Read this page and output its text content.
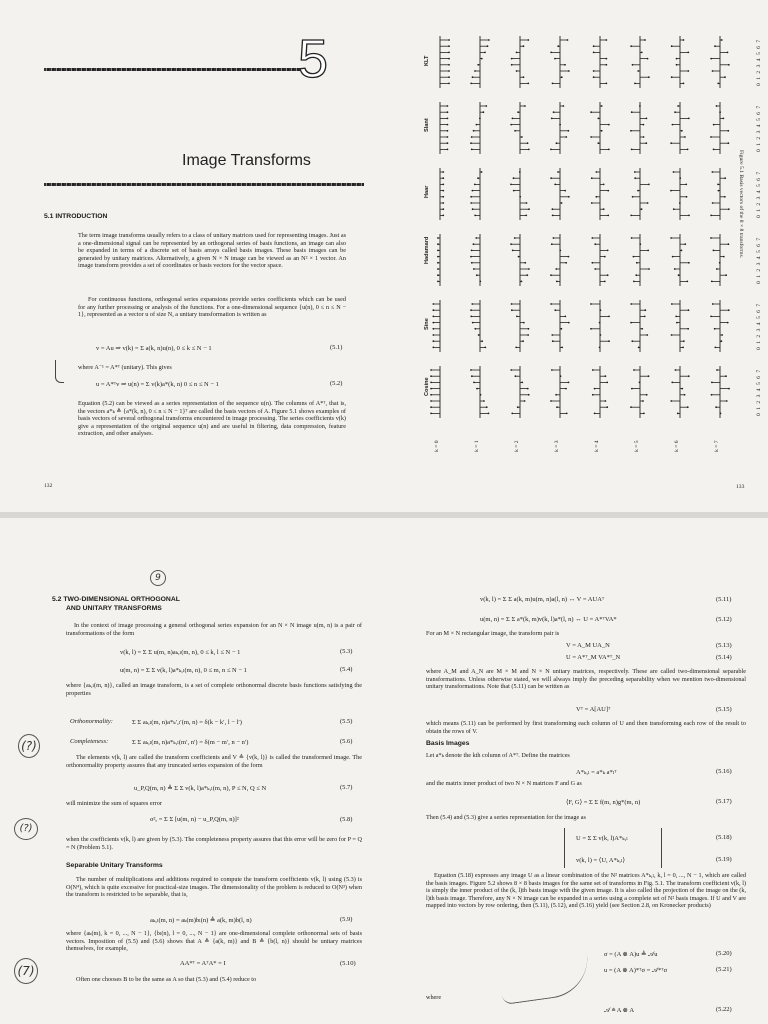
5
Image Transforms
5.1 INTRODUCTION
The term image transforms usually refers to a class of unitary matrices used for representing images. Just as a one-dimensional signal can be represented by an orthogonal series of basis functions, an image can also be expanded in terms of a discrete set of basis arrays called basis images. These basis images can be generated by unitary matrices. Alternatively, a given N × N image can be viewed as an N² × 1 vector. An image transform provides a set of coordinates or basis vectors for the vector space.
For continuous functions, orthogonal series expansions provide series coefficients which can be used for any further processing or analysis of the functions. For a one-dimensional sequence {u(n), 0 ≤ n ≤ N − 1}, represented as a vector u of size N, a unitary transformation is written as
v = Au ⇒ v(k) = Σ a(k, n)u(n), 0 ≤ k ≤ N − 1	(5.1)
where A⁻¹ = A*ᵀ (unitary). This gives
u = A*ᵀv ⇒ u(n) = Σ v(k)a*(k, n) 0 ≤ n ≤ N − 1	(5.2)
Equation (5.2) can be viewed as a series representation of the sequence u(n). The columns of A*ᵀ, that is, the vectors a*ₖ ≜ {a*(k, n), 0 ≤ n ≤ N − 1}ᵀ are called the basis vectors of A. Figure 5.1 shows examples of basis vectors of several orthogonal transforms encountered in image processing. The series coefficients v(k) give a representation of the original sequence u(n) and are useful in filtering, data compression, feature extraction, and other analyses.
132
KLT	0 1 2 3 4 5 6 7
Slant	0 1 2 3 4 5 6 7
Haar	0 1 2 3 4 5 6 7
Hadamard	0 1 2 3 4 5 6 7
Sine	0 1 2 3 4 5 6 7
Cosine	0 1 2 3 4 5 6 7
k = 0	k = 1	k = 2	k = 3	k = 4	k = 5	k = 6	k = 7
Figure 5.1 Basis vectors of the 8 × 8 transforms.
133
9
5.2 TWO-DIMENSIONAL ORTHOGONAL
AND UNITARY TRANSFORMS
In the context of image processing a general orthogonal series expansion for an N × N image u(m, n) is a pair of transformations of the form
v(k, l) = Σ Σ u(m, n)aₖ,ₗ(m, n), 0 ≤ k, l ≤ N − 1	(5.3)
u(m, n) = Σ Σ v(k, l)a*ₖ,ₗ(m, n), 0 ≤ m, n ≤ N − 1	(5.4)
where {aₖ,ₗ(m, n)}, called an image transform, is a set of complete orthonormal discrete basis functions satisfying the properties
Orthonormality:	Σ Σ aₖ,ₗ(m, n)a*ₖ′,ₗ′(m, n) = δ(k − k′, l − l′)	(5.5)
Completeness:	Σ Σ aₖ,ₗ(m, n)a*ₖ,ₗ(m′, n′) = δ(m − m′, n − n′)	(5.6)
The elements v(k, l) are called the transform coefficients and V ≜ {v(k, l)} is called the transformed image. The orthonormality property assures that any truncated series expansion of the form
u_P,Q(m, n) ≜ Σ Σ v(k, l)a*ₖ,ₗ(m, n), P ≤ N, Q ≤ N	(5.7)
will minimize the sum of squares error
σ²ₑ = Σ Σ [u(m, n) − u_P,Q(m, n)]²	(5.8)
when the coefficients v(k, l) are given by (5.3). The completeness property assures that this error will be zero for P = Q = N (Problem 5.1).
Separable Unitary Transforms
The number of multiplications and additions required to compute the transform coefficients v(k, l) using (5.3) is O(N⁴), which is quite excessive for practical-size images. The dimensionality of the problem is reduced to O(N³) when the transform is restricted to be separable, that is,
aₖ,ₗ(m, n) = aₖ(m)bₗ(n) ≜ a(k, m)b(l, n)	(5.9)
where {aₖ(m), k = 0, ..., N − 1}, {bₗ(n), l = 0, ..., N − 1} are one-dimensional complete orthonormal sets of basis vectors. Imposition of (5.5) and (5.6) shows that A ≜ {a(k, m)} and B ≜ {b(l, n)} should be unitary matrices themselves, for example,
AA*ᵀ = AᵀA* = I	(5.10)
Often one chooses B to be the same as A so that (5.3) and (5.4) reduce to
(?)
(?)
(7)
v(k, l) = Σ Σ a(k, m)u(m, n)a(l, n) ↔ V = AUAᵀ	(5.11)
u(m, n) = Σ Σ a*(k, m)v(k, l)a*(l, n) ↔ U = A*ᵀVA*	(5.12)
For an M × N rectangular image, the transform pair is
V = A_M UA_N	(5.13)
U = A*ᵀ_M VA*ᵀ_N	(5.14)
where A_M and A_N are M × M and N × N unitary matrices, respectively. These are called two-dimensional separable transformations. Unless otherwise stated, we will always imply the preceding separability when we mention two-dimensional unitary transformations. Note that (5.11) can be written as
Vᵀ = A[AU]ᵀ	(5.15)
which means (5.11) can be performed by first transforming each column of U and then transforming each row of the result to obtain the rows of V.
Basis Images
Let a*ₖ denote the kth column of A*ᵀ. Define the matrices
A*ₖ,ₗ = a*ₖ a*ₗᵀ	(5.16)
and the matrix inner product of two N × N matrices F and G as
⟨F, G⟩ = Σ Σ f(m, n)g*(m, n)	(5.17)
Then (5.4) and (5.3) give a series representation for the image as
U = Σ Σ v(k, l)A*ₖ,ₗ	(5.18)
v(k, l) = ⟨U, A*ₖ,ₗ⟩	(5.19)
Equation (5.18) expresses any image U as a linear combination of the N² matrices A*ₖ,ₗ, k, l = 0, ..., N − 1, which are called the basis images. Figure 5.2 shows 8 × 8 basis images for the same set of transforms in Fig. 5.1. The transform coefficient v(k, l) is simply the inner product of the (k, l)th basis image with the given image. It is also called the projection of the image on the (k, l)th basis image. Therefore, any N × N image can be expanded in a series using a complete set of N² basis images. If U and V are mapped into vectors by row ordering, then (5.11), (5.12), and (5.16) yield (see Section 2.8, on Kronecker products)
σ = (A ⊗ A)u ≜ 𝒜u	(5.20)
u = (A ⊗ A)*ᵀσ = 𝒜*ᵀσ	(5.21)
where
𝒜 ≜ A ⊗ A	(5.22)
